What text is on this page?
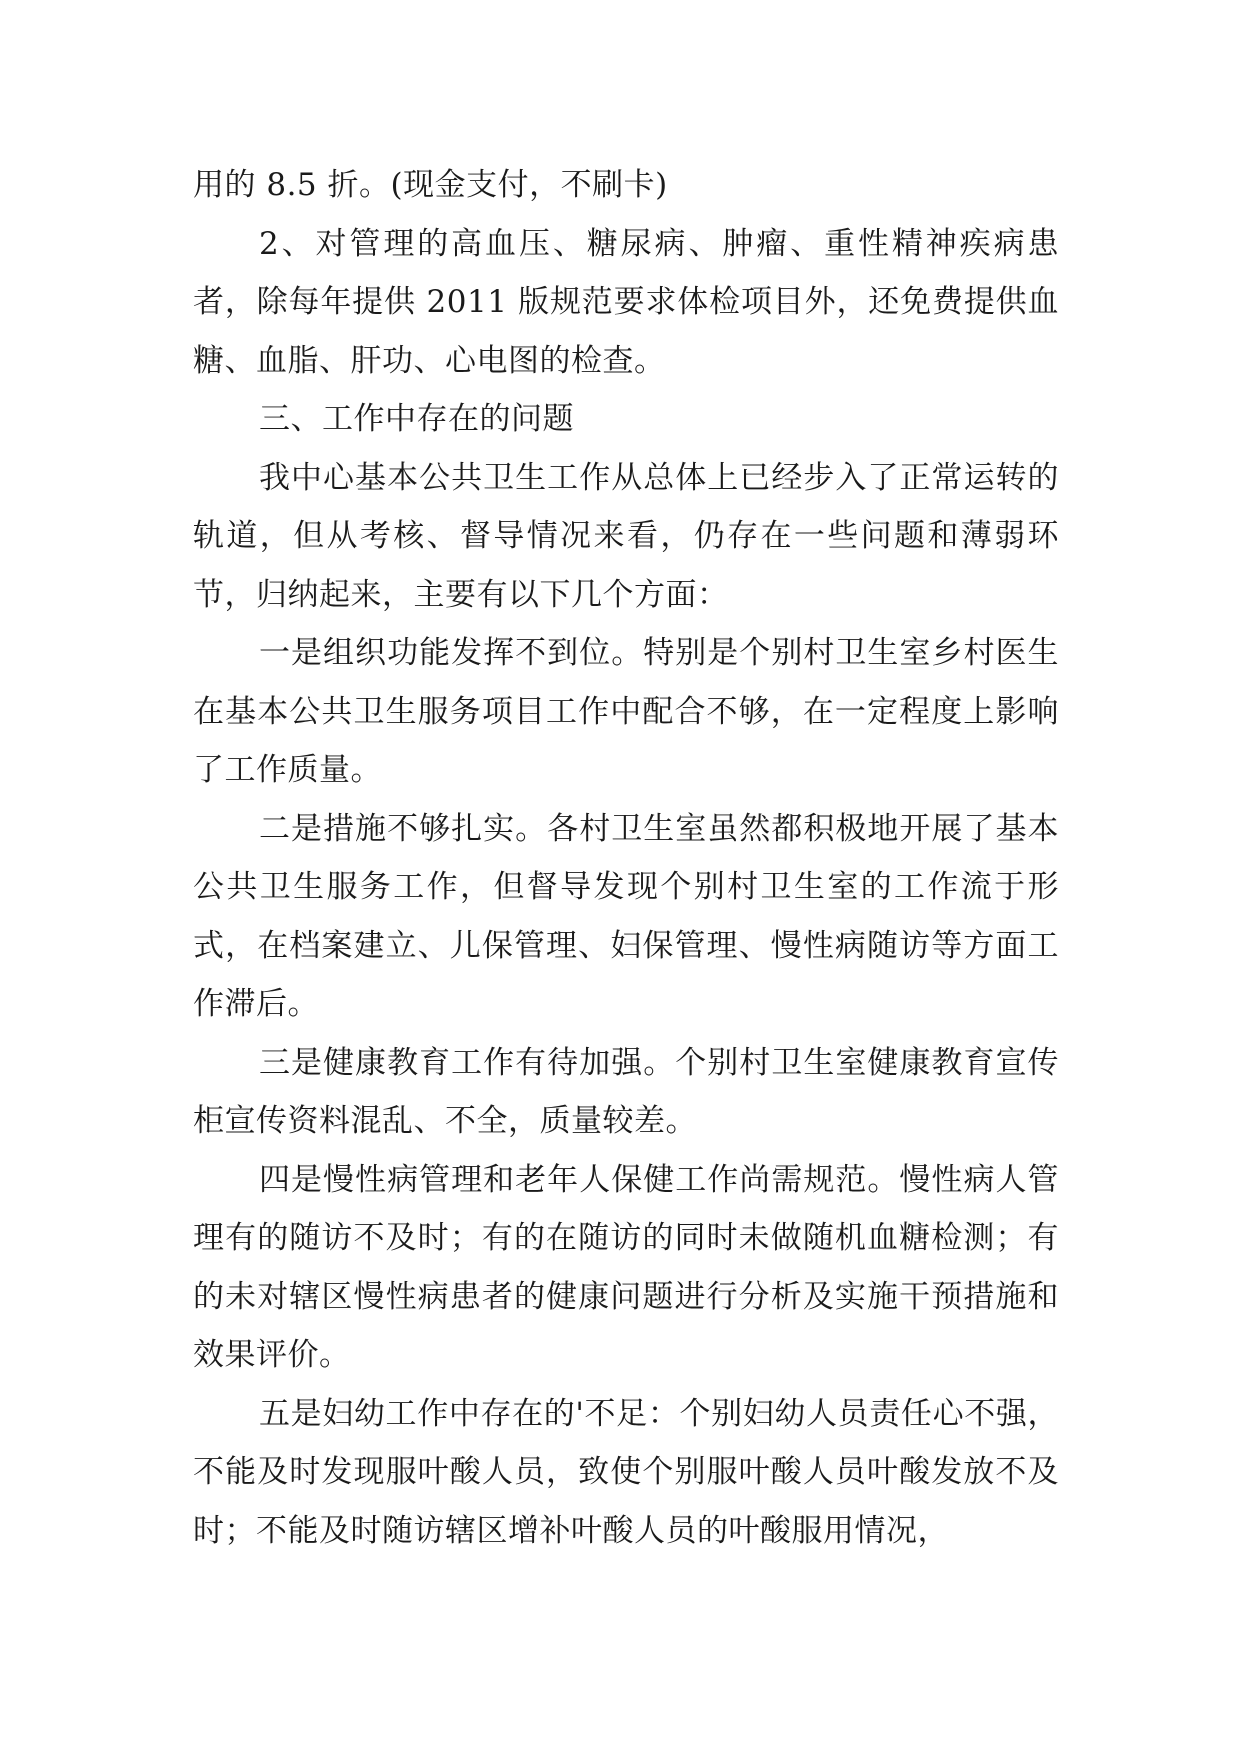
用的 8.5 折。(现金支付，不刷卡)

2、对管理的高血压、糖尿病、肿瘤、重性精神疾病患者，除每年提供 2011 版规范要求体检项目外，还免费提供血糖、血脂、肝功、心电图的检查。

三、工作中存在的问题

我中心基本公共卫生工作从总体上已经步入了正常运转的轨道，但从考核、督导情况来看，仍存在一些问题和薄弱环节，归纳起来，主要有以下几个方面：

一是组织功能发挥不到位。特别是个别村卫生室乡村医生在基本公共卫生服务项目工作中配合不够，在一定程度上影响了工作质量。

二是措施不够扎实。各村卫生室虽然都积极地开展了基本公共卫生服务工作，但督导发现个别村卫生室的工作流于形式，在档案建立、儿保管理、妇保管理、慢性病随访等方面工作滞后。

三是健康教育工作有待加强。个别村卫生室健康教育宣传柜宣传资料混乱、不全，质量较差。

四是慢性病管理和老年人保健工作尚需规范。慢性病人管理有的随访不及时；有的在随访的同时未做随机血糖检测；有的未对辖区慢性病患者的健康问题进行分析及实施干预措施和效果评价。

五是妇幼工作中存在的'不足：个别妇幼人员责任心不强，不能及时发现服叶酸人员，致使个别服叶酸人员叶酸发放不及时；不能及时随访辖区增补叶酸人员的叶酸服用情况，
